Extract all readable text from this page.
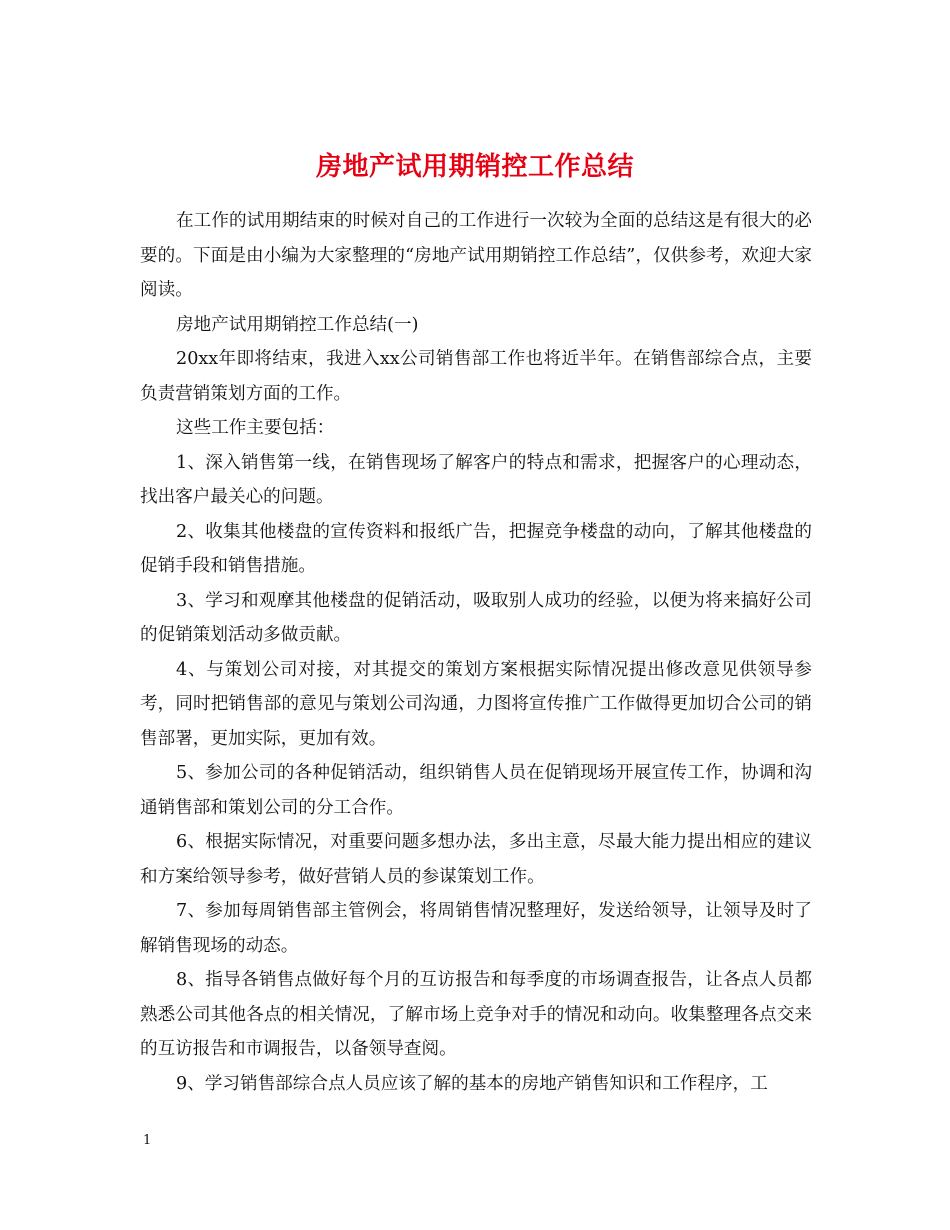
房地产试用期销控工作总结

在工作的试用期结束的时候对自己的工作进行一次较为全面的总结这是有很大的必要的。下面是由小编为大家整理的“房地产试用期销控工作总结”，仅供参考，欢迎大家阅读。

房地产试用期销控工作总结(一)

20xx年即将结束，我进入xx公司销售部工作也将近半年。在销售部综合点，主要负责营销策划方面的工作。

这些工作主要包括：

1、深入销售第一线，在销售现场了解客户的特点和需求，把握客户的心理动态，找出客户最关心的问题。

2、收集其他楼盘的宣传资料和报纸广告，把握竞争楼盘的动向，了解其他楼盘的促销手段和销售措施。

3、学习和观摩其他楼盘的促销活动，吸取别人成功的经验，以便为将来搞好公司的促销策划活动多做贡献。

4、与策划公司对接，对其提交的策划方案根据实际情况提出修改意见供领导参考，同时把销售部的意见与策划公司沟通，力图将宣传推广工作做得更加切合公司的销售部署，更加实际，更加有效。

5、参加公司的各种促销活动，组织销售人员在促销现场开展宣传工作，协调和沟通销售部和策划公司的分工合作。

6、根据实际情况，对重要问题多想办法，多出主意，尽最大能力提出相应的建议和方案给领导参考，做好营销人员的参谋策划工作。

7、参加每周销售部主管例会，将周销售情况整理好，发送给领导，让领导及时了解销售现场的动态。

8、指导各销售点做好每个月的互访报告和每季度的市场调查报告，让各点人员都熟悉公司其他各点的相关情况，了解市场上竞争对手的情况和动向。收集整理各点交来的互访报告和市调报告，以备领导查阅。

9、学习销售部综合点人员应该了解的基本的房地产销售知识和工作程序，工

1
